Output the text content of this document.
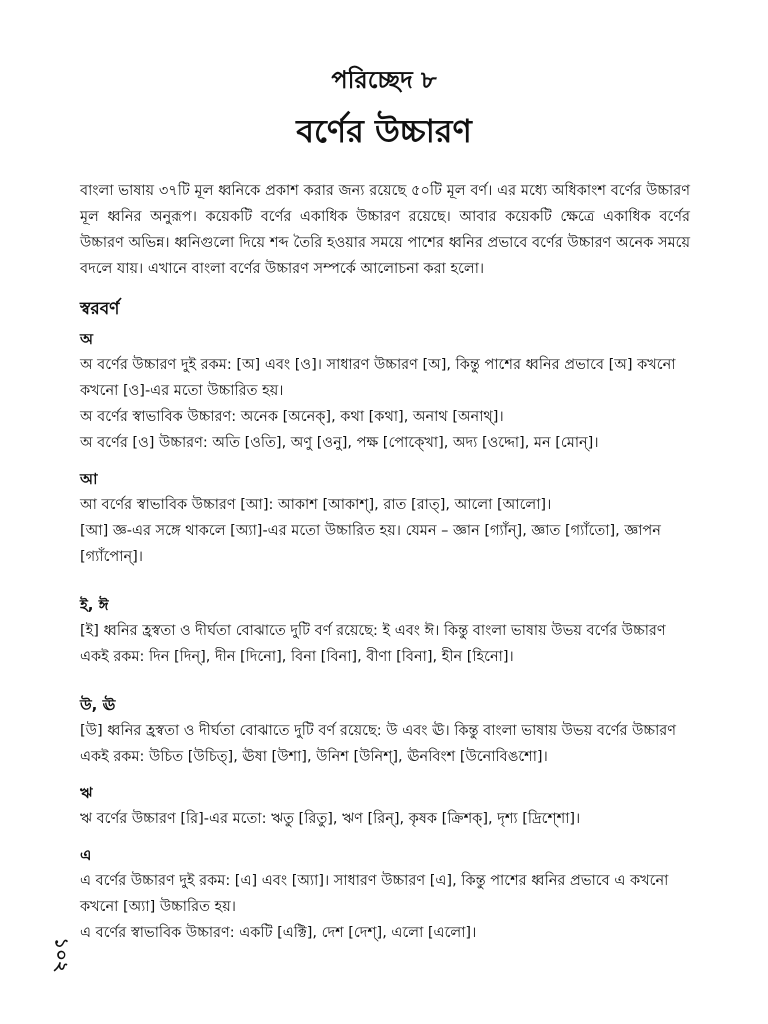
পরিচ্ছেদ ৮
বর্ণের উচ্চারণ

বাংলা ভাষায় ৩৭টি মূল ধ্বনিকে প্রকাশ করার জন্য রয়েছে ৫০টি মূল বর্ণ। এর মধ্যে অধিকাংশ বর্ণের উচ্চারণ মূল ধ্বনির অনুরূপ। কয়েকটি বর্ণের একাধিক উচ্চারণ রয়েছে। আবার কয়েকটি ক্ষেত্রে একাধিক বর্ণের উচ্চারণ অভিন্ন। ধ্বনিগুলো দিয়ে শব্দ তৈরি হওয়ার সময়ে পাশের ধ্বনির প্রভাবে বর্ণের উচ্চারণ অনেক সময়ে বদলে যায়। এখানে বাংলা বর্ণের উচ্চারণ সম্পর্কে আলোচনা করা হলো।

স্বরবর্ণ
অ

অ বর্ণের উচ্চারণ দুই রকম: [অ] এবং [ও]। সাধারণ উচ্চারণ [অ], কিন্তু পাশের ধ্বনির প্রভাবে [অ] কখনো কখনো [ও]-এর মতো উচ্চারিত হয়।

অ বর্ণের স্বাভাবিক উচ্চারণ: অনেক [অনেক্], কথা [কথা], অনাথ [অনাথ্]।

অ বর্ণের [ও] উচ্চারণ: অতি [ওতি], অণু [ওনু], পক্ষ [পোক্খো], অদ্য [ওদ্দো], মন [মোন্]।

আ

আ বর্ণের স্বাভাবিক উচ্চারণ [আ]: আকাশ [আকাশ্], রাত [রাত্], আলো [আলো]।

[আ] জ্ঞ-এর সঙ্গে থাকলে [অ্যা]-এর মতো উচ্চারিত হয়। যেমন – জ্ঞান [গ্যাঁন্], জ্ঞাত [গ্যাঁতো], জ্ঞাপন [গ্যাঁপোন্]।

ই, ঈ

[ই] ধ্বনির হ্রস্বতা ও দীর্ঘতা বোঝাতে দুটি বর্ণ রয়েছে: ই এবং ঈ। কিন্তু বাংলা ভাষায় উভয় বর্ণের উচ্চারণ একই রকম: দিন [দিন্], দীন [দিনো], বিনা [বিনা], বীণা [বিনা], হীন [হিনো]।

উ, ঊ

[উ] ধ্বনির হ্রস্বতা ও দীর্ঘতা বোঝাতে দুটি বর্ণ রয়েছে: উ এবং ঊ। কিন্তু বাংলা ভাষায় উভয় বর্ণের উচ্চারণ একই রকম: উচিত [উচিত্], ঊষা [উশা], উনিশ [উনিশ্], ঊনবিংশ [উনোবিঙশো]।

ঋ

ঋ বর্ণের উচ্চারণ [রি]-এর মতো: ঋতু [রিতু], ঋণ [রিন্], কৃষক [ক্রিশক্], দৃশ্য [দ্রিশ্শো]।

এ

এ বর্ণের উচ্চারণ দুই রকম: [এ] এবং [অ্যা]। সাধারণ উচ্চারণ [এ], কিন্তু পাশের ধ্বনির প্রভাবে এ কখনো কখনো [অ্যা] উচ্চারিত হয়।

এ বর্ণের স্বাভাবিক উচ্চারণ: একটি [এক্টি], দেশ [দেশ্], এলো [এলো]।

১০২
